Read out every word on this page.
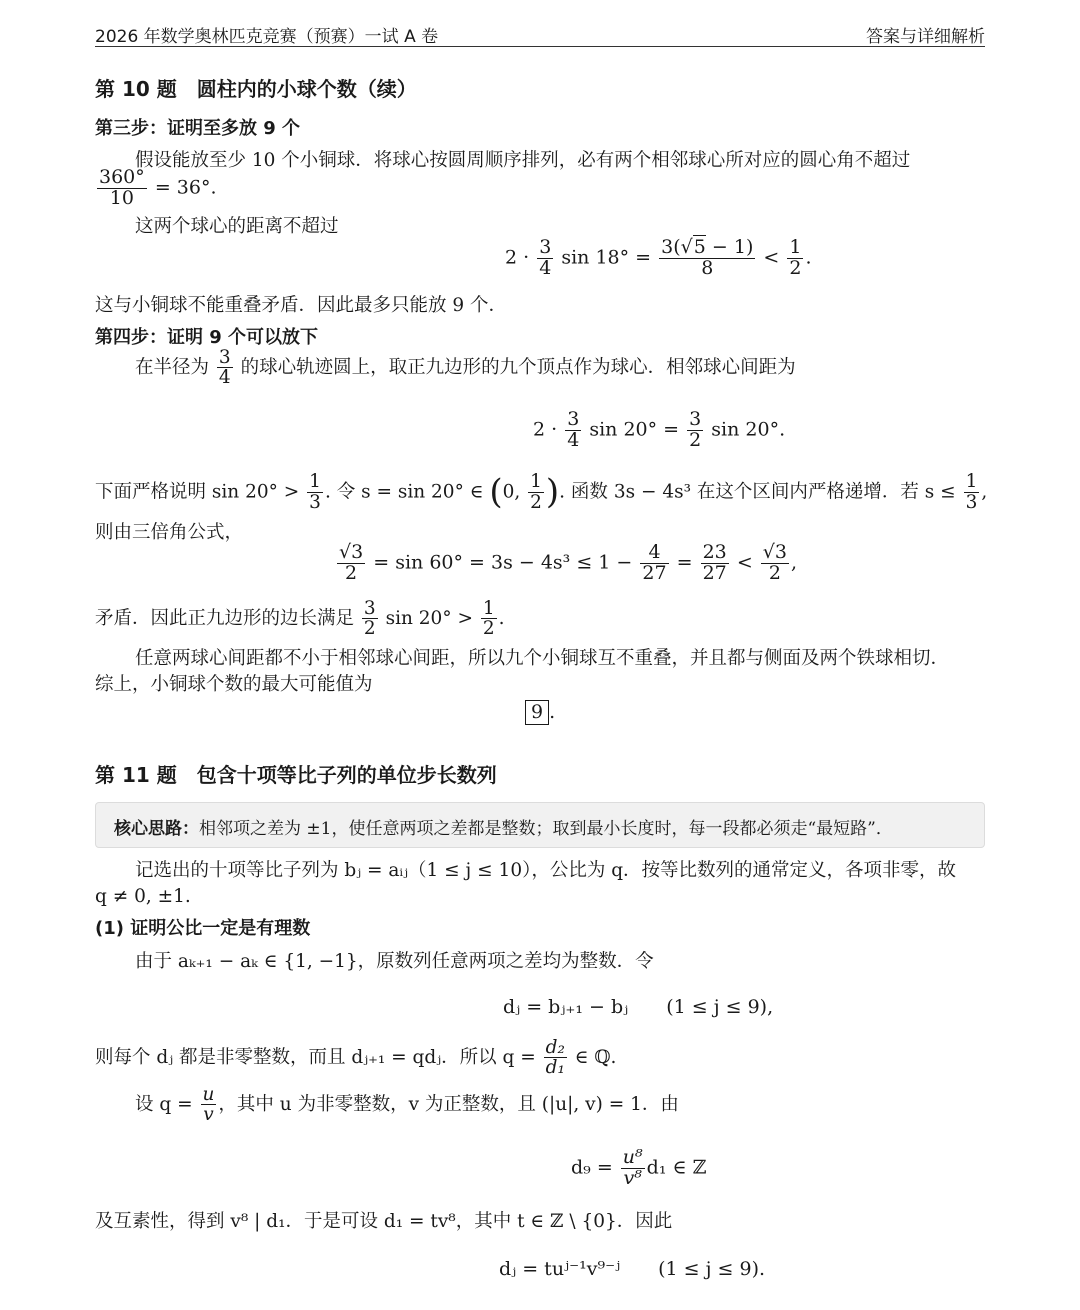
2026 年数学奥林匹克竞赛（预赛）一试 A 卷	答案与详细解析
第 10 题　圆柱内的小球个数（续）
第三步：证明至多放 9 个
假设能放至少 10 个小铜球．将球心按圆周顺序排列，必有两个相邻球心所对应的圆心角不超过
$\frac{360^\circ}{10} = 36^\circ$.
这两个球心的距离不超过
$2 \cdot \frac{3}{4}$ $\sin 18^\circ = \frac{3(√5 - 1)}{8} < \frac{1}{2}$ .
这与小铜球不能重叠矛盾．因此最多只能放 9 个．
第四步：证明 9 个可以放下
在半径为 $\frac{3}{4}$ 的球心轨迹圆上，取正九边形的九个顶点作为球心．相邻球心间距为
$2 \cdot \frac{3}{4}$ $\sin 20^\circ = \frac{3}{2}$ sin 20°.
下面严格说明 $\sin 20^\circ > \frac{1}{3}$ . 令 s = sin 20° ∈ (0, $\frac{1}{2}$ ). 函数 3s − 4s³ 在这个区间内严格递增．若 $s \le \frac{1}{3}$ ,
则由三倍角公式，
$\frac{√3}{2} = \sin 60^\circ = 3s - 4s^3 \le 1 - \frac{4}{27} = \frac{23}{27} < \frac{√3}{2}$ ,
矛盾．因此正九边形的边长满足 $\frac{3}{2}$ $\sin 20^\circ > \frac{1}{2}$ .
任意两球心间距都不小于相邻球心间距，所以九个小铜球互不重叠，并且都与侧面及两个铁球相切．
综上，小铜球个数的最大可能值为
9 .
第 11 题　包含十项等比子列的单位步长数列
核心思路：相邻项之差为 ±1，使任意两项之差都是整数；取到最小长度时，每一段都必须走“最短路”．
记选出的十项等比子列为 bⱼ = aᵢⱼ（1 ≤ j ≤ 10），公比为 q．按等比数列的通常定义，各项非零，故
q ≠ 0, ±1.
(1) 证明公比一定是有理数
由于 aₖ₊₁ − aₖ ∈ {1, −1}，原数列任意两项之差均为整数．令
dⱼ = bⱼ₊₁ − bⱼ　　(1 ≤ j ≤ 9),
则每个 dⱼ 都是非零整数，而且 dⱼ₊₁ = qdⱼ．所以 $q = \frac{\text{d₂}}{\text{d₁}}$ ∈ ℚ.
设 $q = \frac{u}{v}$ ，其中 u 为非零整数，v 为正整数，且 (|u|, v) = 1．由
$d_9 = \frac{\text{u⁸}}{\text{v⁸}} d_1$ ∈ ℤ
及互素性，得到 v⁸ | d₁．于是可设 d₁ = tv⁸，其中 t ∈ ℤ \ {0}．因此
dⱼ = tuʲ⁻¹v⁹⁻ʲ　　(1 ≤ j ≤ 9).
